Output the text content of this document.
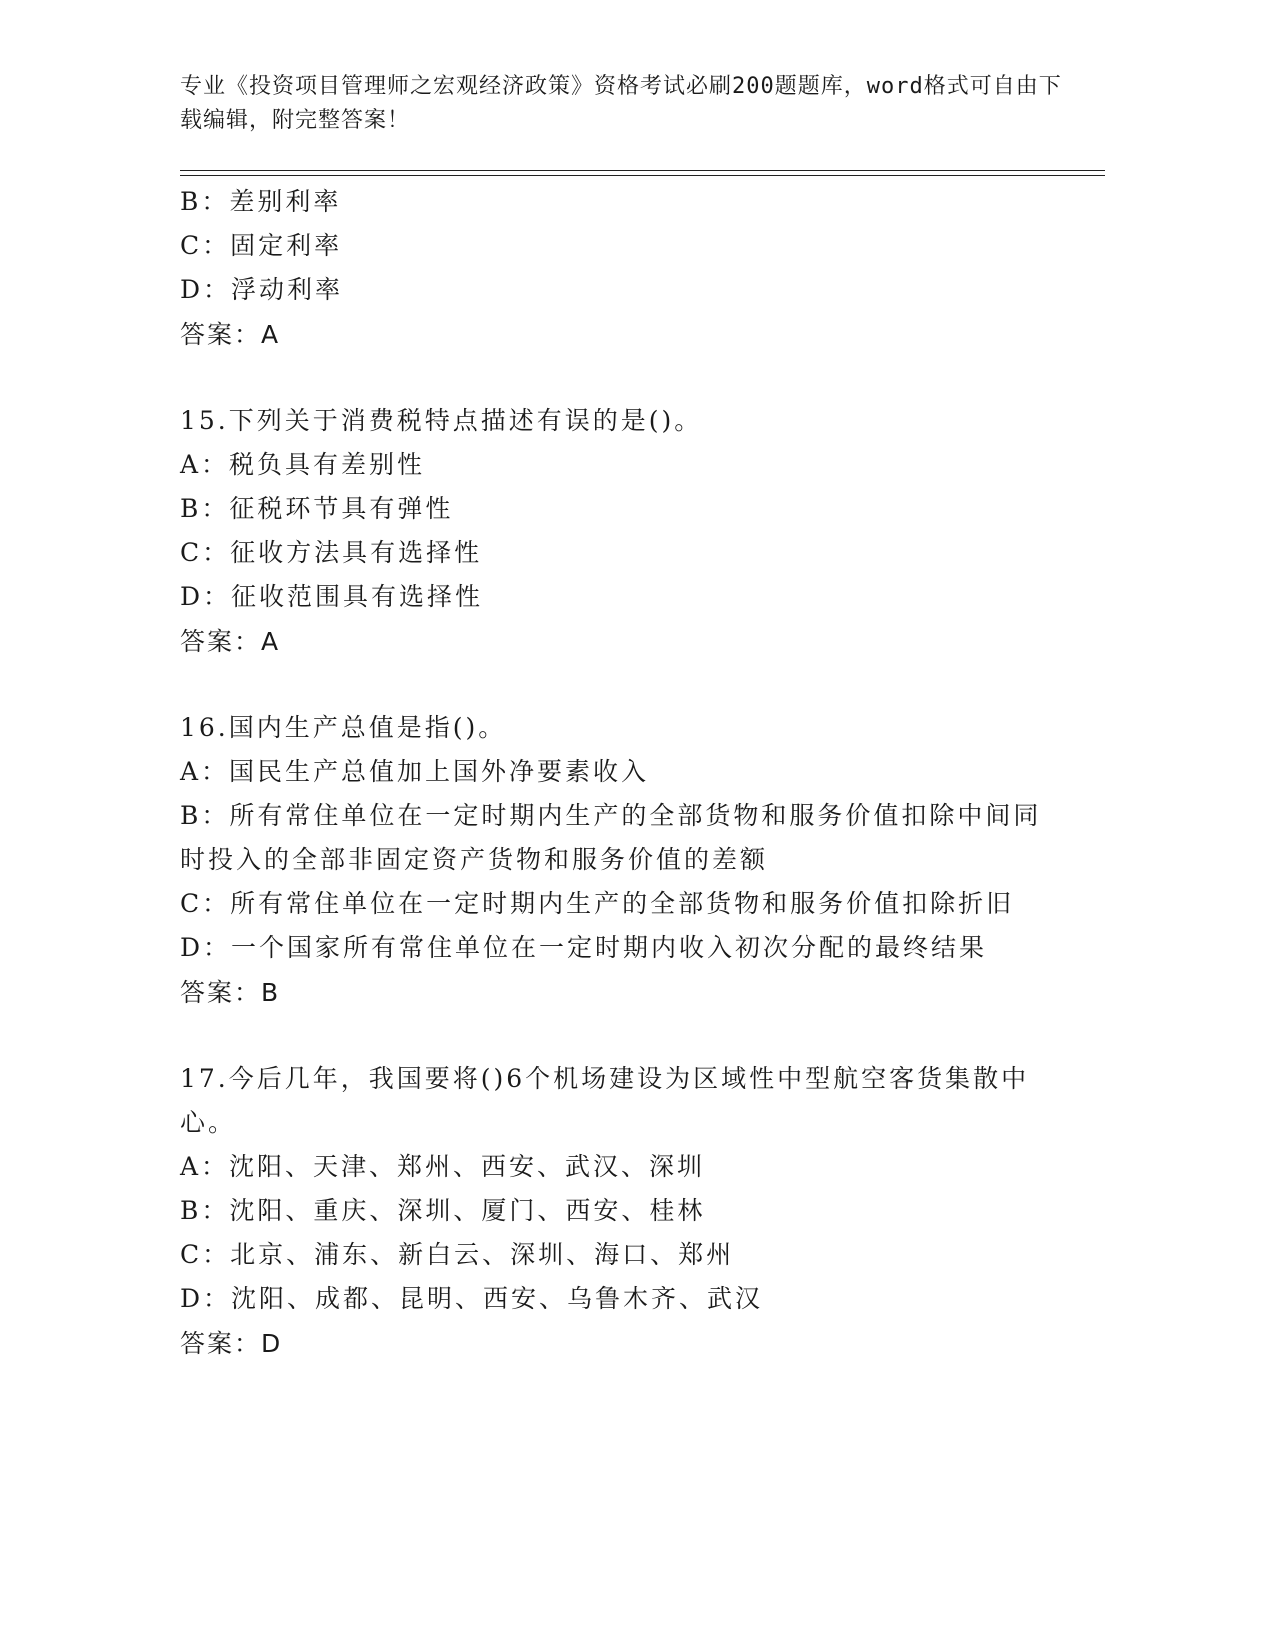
专业《投资项目管理师之宏观经济政策》资格考试必刷200题题库，word格式可自由下载编辑，附完整答案！
B：差别利率
C：固定利率
D：浮动利率
答案：A
15.下列关于消费税特点描述有误的是()。
A：税负具有差别性
B：征税环节具有弹性
C：征收方法具有选择性
D：征收范围具有选择性
答案：A
16.国内生产总值是指()。
A：国民生产总值加上国外净要素收入
B：所有常住单位在一定时期内生产的全部货物和服务价值扣除中间同时投入的全部非固定资产货物和服务价值的差额
C：所有常住单位在一定时期内生产的全部货物和服务价值扣除折旧
D：一个国家所有常住单位在一定时期内收入初次分配的最终结果
答案：B
17.今后几年，我国要将()6个机场建设为区域性中型航空客货集散中心。
A：沈阳、天津、郑州、西安、武汉、深圳
B：沈阳、重庆、深圳、厦门、西安、桂林
C：北京、浦东、新白云、深圳、海口、郑州
D：沈阳、成都、昆明、西安、乌鲁木齐、武汉
答案：D
